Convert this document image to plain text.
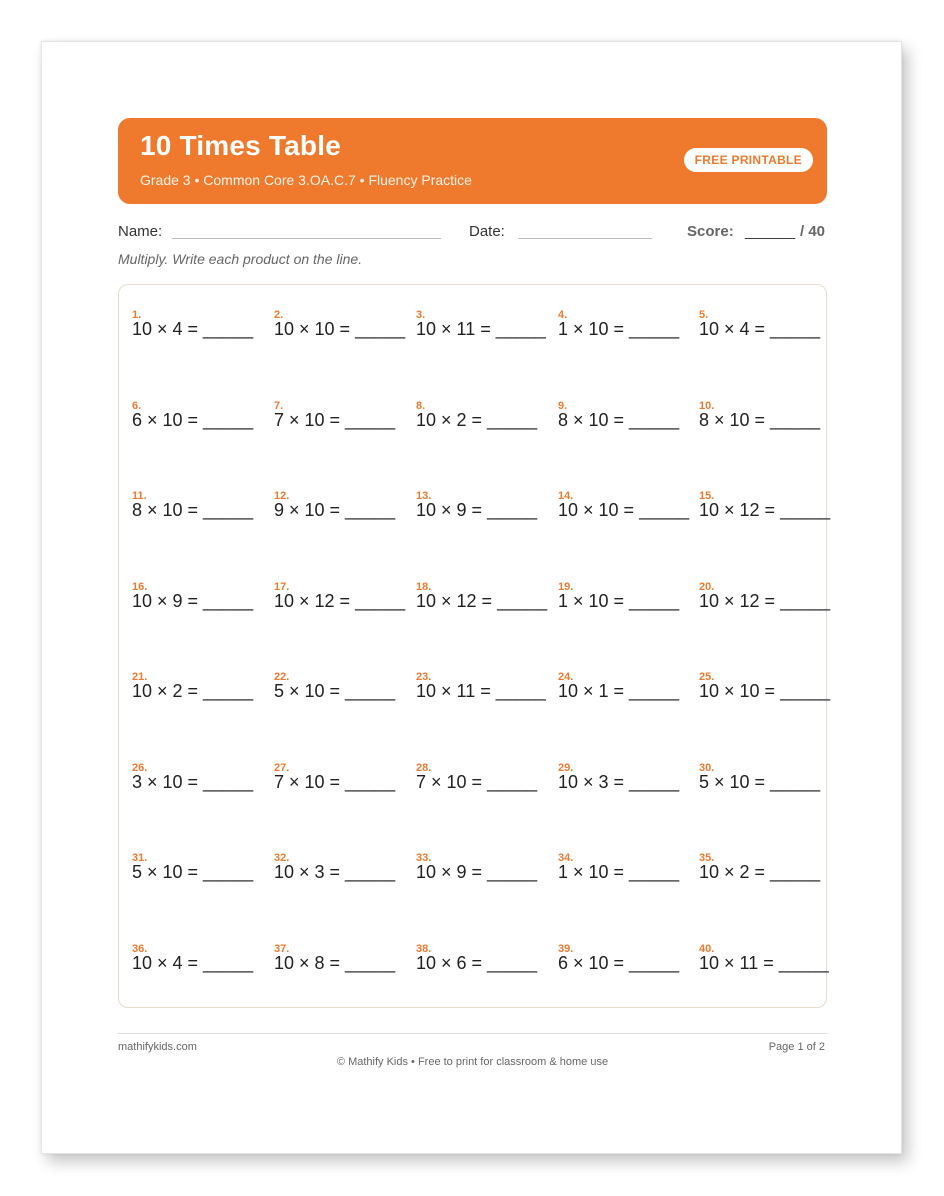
10 Times Table
Grade 3 • Common Core 3.OA.C.7 • Fluency Practice
FREE PRINTABLE
Name:	Date:	Score: ______ / 40
Multiply. Write each product on the line.
1.
10 × 4 = _____
2.
10 × 10 = _____
3.
10 × 11 = _____
4.
1 × 10 = _____
5.
10 × 4 = _____
6.
6 × 10 = _____
7.
7 × 10 = _____
8.
10 × 2 = _____
9.
8 × 10 = _____
10.
8 × 10 = _____
11.
8 × 10 = _____
12.
9 × 10 = _____
13.
10 × 9 = _____
14.
10 × 10 = _____
15.
10 × 12 = _____
16.
10 × 9 = _____
17.
10 × 12 = _____
18.
10 × 12 = _____
19.
1 × 10 = _____
20.
10 × 12 = _____
21.
10 × 2 = _____
22.
5 × 10 = _____
23.
10 × 11 = _____
24.
10 × 1 = _____
25.
10 × 10 = _____
26.
3 × 10 = _____
27.
7 × 10 = _____
28.
7 × 10 = _____
29.
10 × 3 = _____
30.
5 × 10 = _____
31.
5 × 10 = _____
32.
10 × 3 = _____
33.
10 × 9 = _____
34.
1 × 10 = _____
35.
10 × 2 = _____
36.
10 × 4 = _____
37.
10 × 8 = _____
38.
10 × 6 = _____
39.
6 × 10 = _____
40.
10 × 11 = _____
mathifykids.com	Page 1 of 2
© Mathify Kids • Free to print for classroom & home use
